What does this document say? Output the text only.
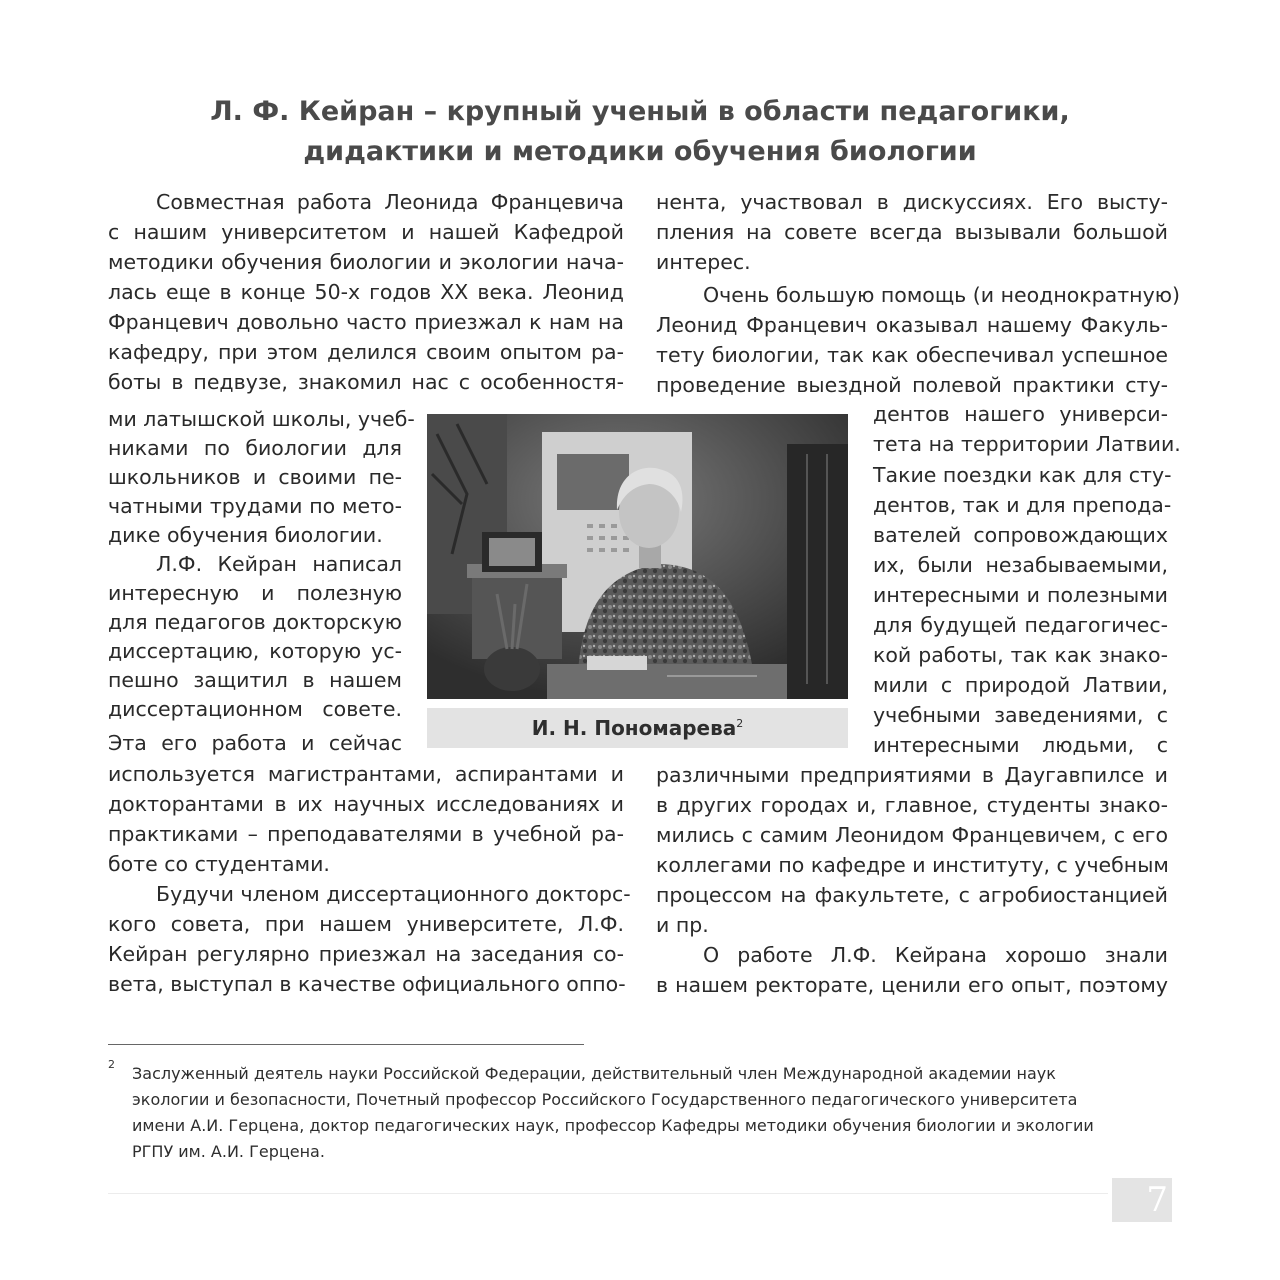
Л. Ф. Кейран – крупный ученый в области педагогики,
дидактики и методики обучения биологии
Совместная работа Леонида Францевича
с нашим университетом и нашей Кафедрой
методики обучения биологии и экологии нача-
лась еще в конце 50-х годов XX века. Леонид
Францевич довольно часто приезжал к нам на
кафедру, при этом делился своим опытом ра-
боты в педвузе, знакомил нас с особенностя-
ми латышской школы, учеб-
никами по биологии для
школьников и своими пе-
чатными трудами по мето-
дике обучения биологии.
Л.Ф. Кейран написал
интересную и полезную
для педагогов докторскую
диссертацию, которую ус-
пешно защитил в нашем
диссертационном совете.
Эта его работа и сейчас
используется магистрантами, аспирантами и
докторантами в их научных исследованиях и
практиками – преподавателями в учебной ра-
боте со студентами.
Будучи членом диссертационного докторс-
кого совета, при нашем университете, Л.Ф.
Кейран регулярно приезжал на заседания со-
вета, выступал в качестве официального оппо-
нента, участвовал в дискуссиях. Его высту-
пления на совете всегда вызывали большой
интерес.
Очень большую помощь (и неоднократную)
Леонид Францевич оказывал нашему Факуль-
тету биологии, так как обеспечивал успешное
проведение выездной полевой практики сту-
дентов нашего универси-
тета на территории Латвии.
Такие поездки как для сту-
дентов, так и для препода-
вателей сопровождающих
их, были незабываемыми,
интересными и полезными
для будущей педагогичес-
кой работы, так как знако-
мили с природой Латвии,
учебными заведениями, с
интересными людьми, с
различными предприятиями в Даугавпилсе и
в других городах и, главное, студенты знако-
мились с самим Леонидом Францевичем, с его
коллегами по кафедре и институту, с учебным
процессом на факультете, с агробиостанцией
и пр.
О работе Л.Ф. Кейрана хорошо знали
в нашем ректорате, ценили его опыт, поэтому
И. Н. Пономарева$^2$
2 Заслуженный деятель науки Российской Федерации, действительный член Международной академии наук
экологии и безопасности, Почетный профессор Российского Государственного педагогического университета
имени А.И. Герцена, доктор педагогических наук, профессор Кафедры методики обучения биологии и экологии
РГПУ им. А.И. Герцена.
7
